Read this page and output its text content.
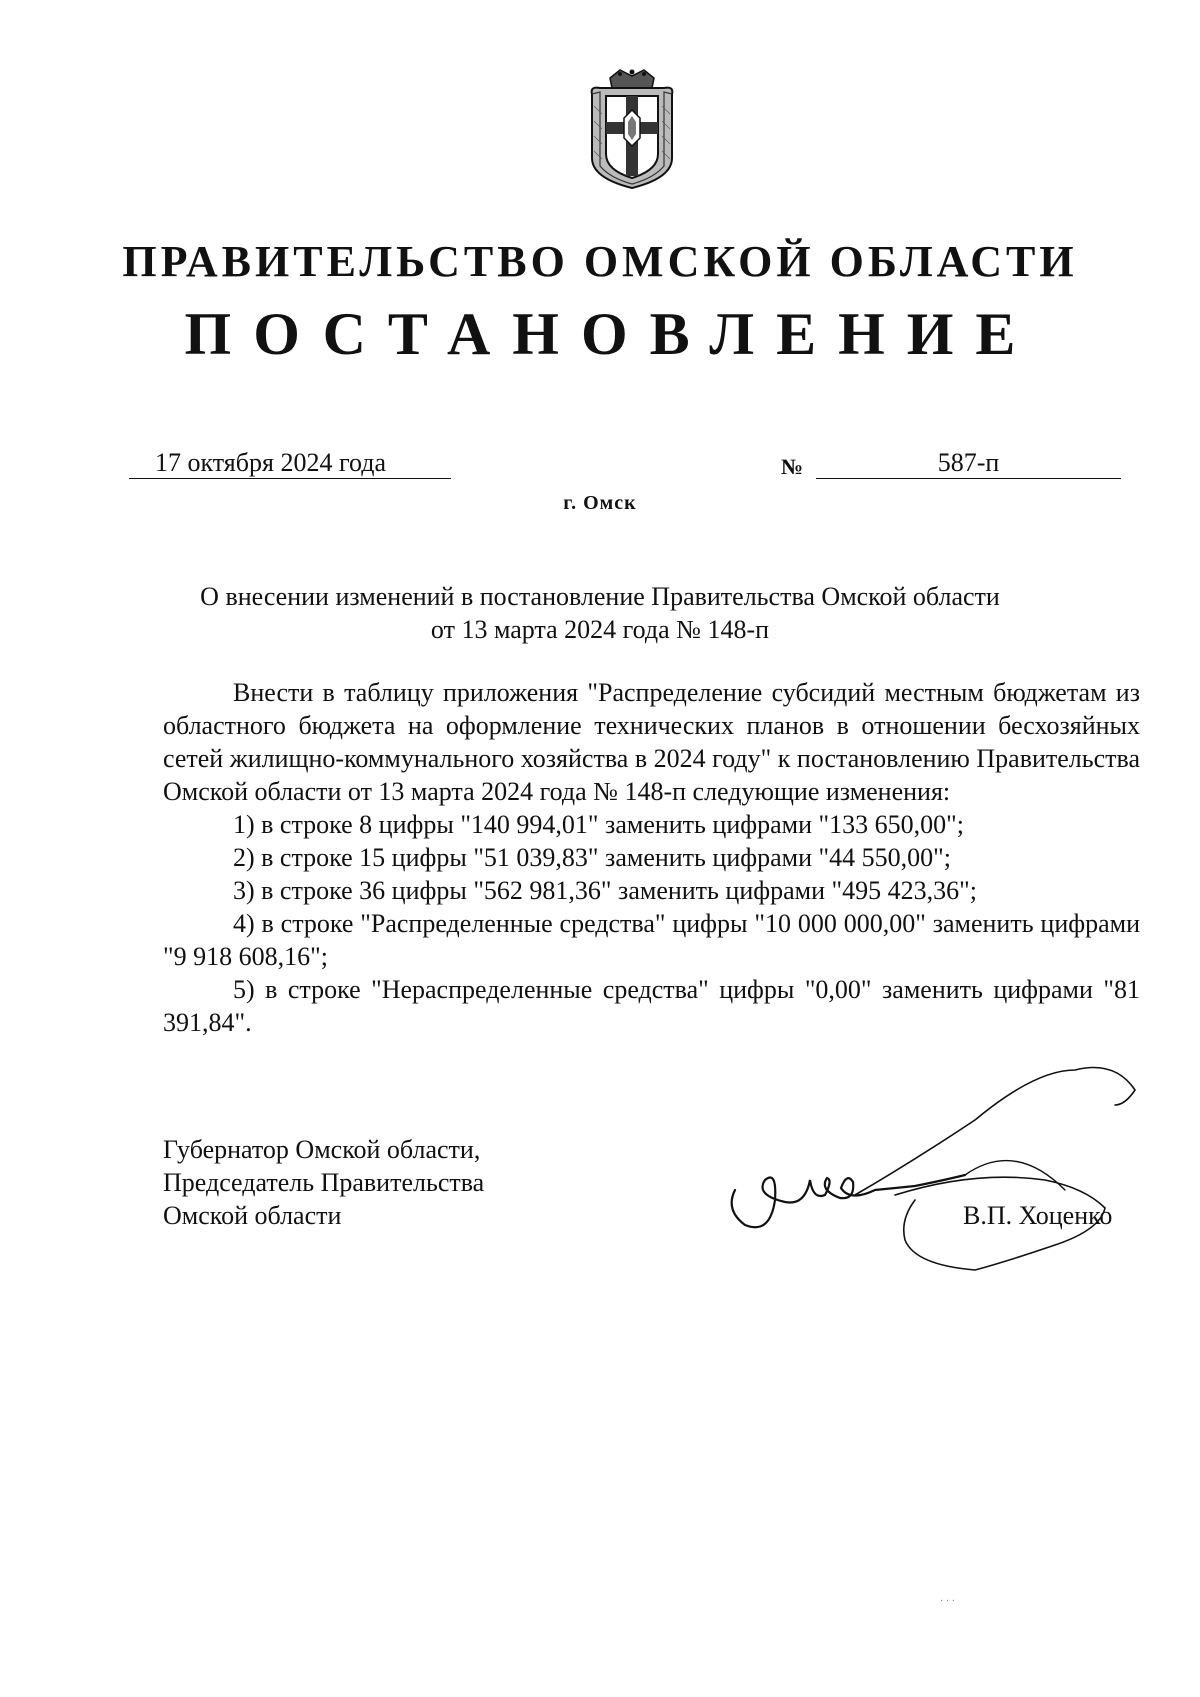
ПРАВИТЕЛЬСТВО ОМСКОЙ ОБЛАСТИ
ПОСТАНОВЛЕНИЕ
17 октября 2024 года	№	587-п
г. Омск
О внесении изменений в постановление Правительства Омской области
от 13 марта 2024 года № 148-п

Внести в таблицу приложения "Распределение субсидий местным бюджетам из областного бюджета на оформление технических планов в отношении бесхозяйных сетей жилищно-коммунального хозяйства в 2024 году" к постановлению Правительства Омской области от 13 марта 2024 года № 148-п следующие изменения:

1) в строке 8 цифры "140 994,01" заменить цифрами "133 650,00";

2) в строке 15 цифры "51 039,83" заменить цифрами "44 550,00";

3) в строке 36 цифры "562 981,36" заменить цифрами "495 423,36";

4) в строке "Распределенные средства" цифры "10 000 000,00" заменить цифрами "9 918 608,16";

5) в строке "Нераспределенные средства" цифры "0,00" заменить цифрами "81 391,84".

Губернатор Омской области,
Председатель Правительства
Омской области	В.П. Хоценко
· · ·
